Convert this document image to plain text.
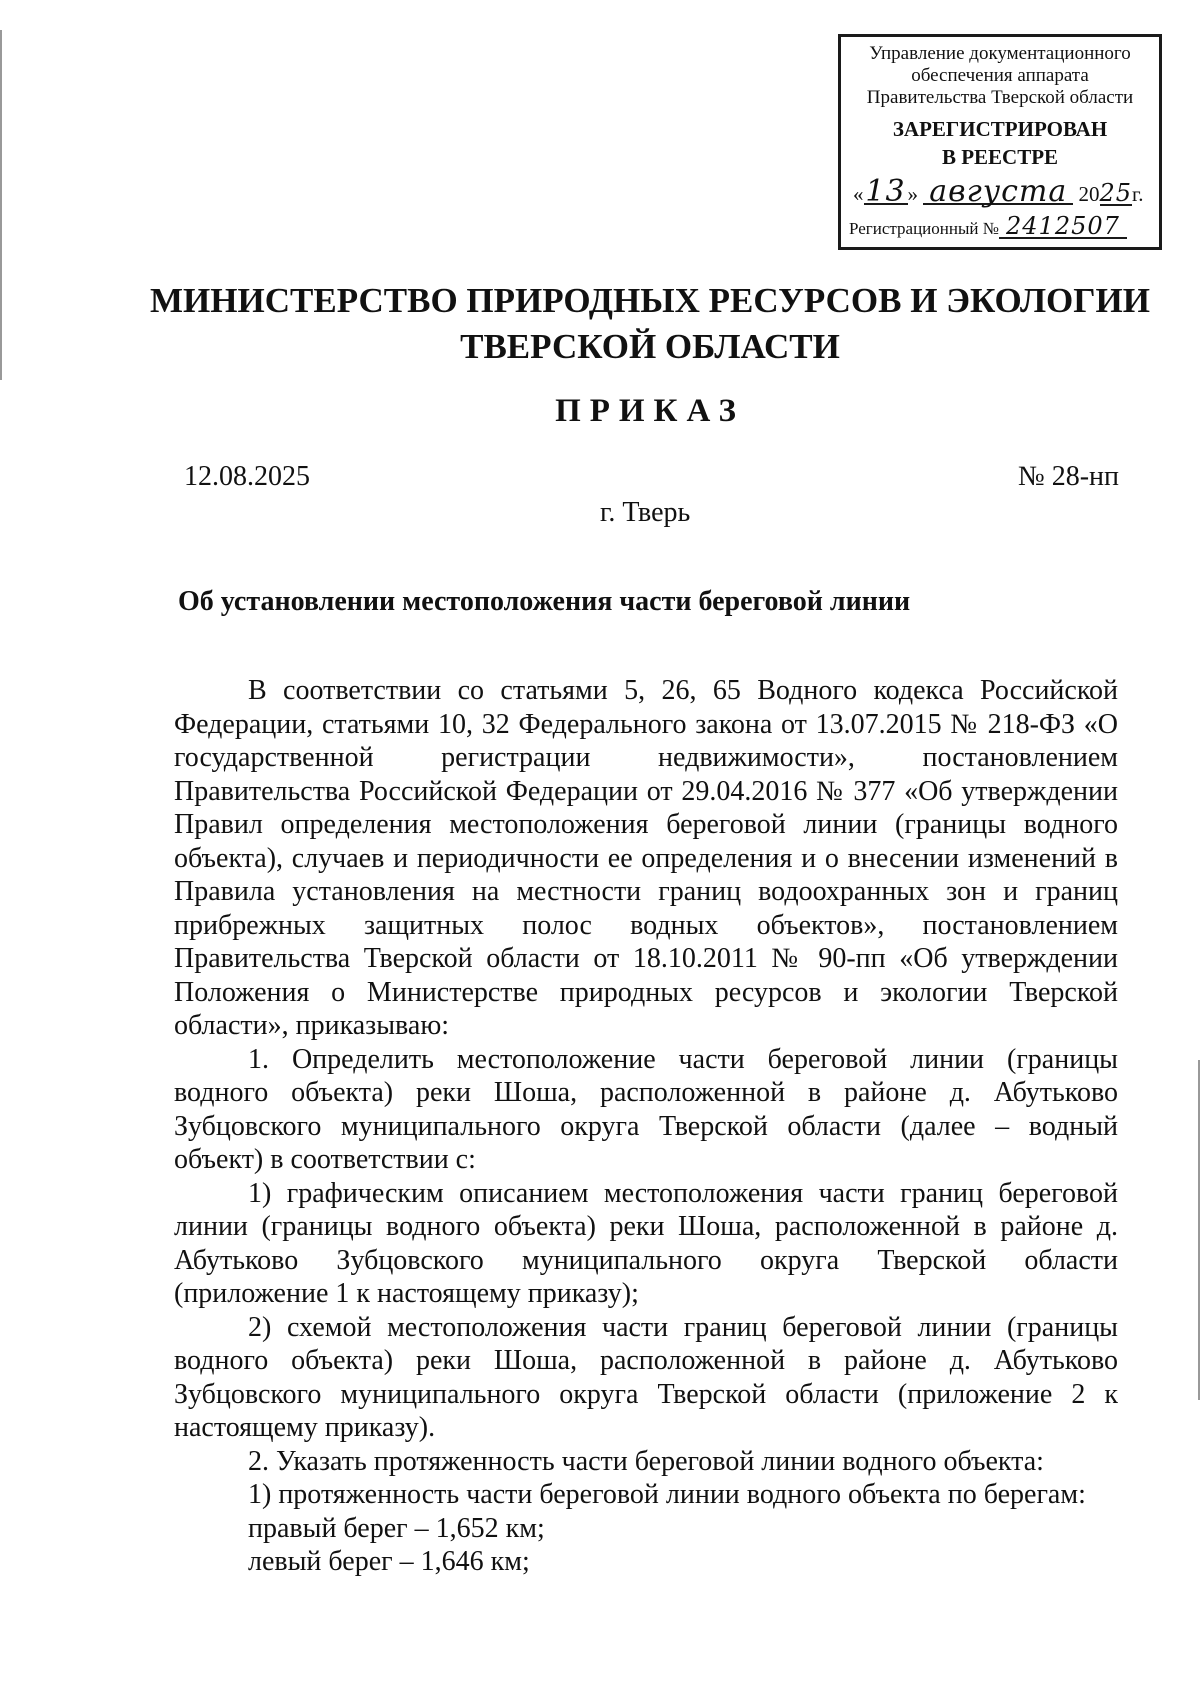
Управление документационного
обеспечения аппарата
Правительства Тверской области
ЗАРЕГИСТРИРОВАН
В РЕЕСТРЕ
«13» августа 2025г.
Регистрационный № 2412507
МИНИСТЕРСТВО ПРИРОДНЫХ РЕСУРСОВ И ЭКОЛОГИИ
ТВЕРСКОЙ ОБЛАСТИ
ПРИКАЗ
12.08.2025	№ 28-нп
г. Тверь
Об установлении местоположения части береговой линии

В соответствии со статьями 5, 26, 65 Водного кодекса Российской Федерации, статьями 10, 32 Федерального закона от 13.07.2015 № 218-ФЗ «О государственной регистрации недвижимости», постановлением Правительства Российской Федерации от 29.04.2016 № 377 «Об утверждении Правил определения местоположения береговой линии (границы водного объекта), случаев и периодичности ее определения и о внесении изменений в Правила установления на местности границ водоохранных зон и границ прибрежных защитных полос водных объектов», постановлением Правительства Тверской области от 18.10.2011 № 90-пп «Об утверждении Положения о Министерстве природных ресурсов и экологии Тверской области», приказываю:

1. Определить местоположение части береговой линии (границы водного объекта) реки Шоша, расположенной в районе д. Абутьково Зубцовского муниципального округа Тверской области (далее – водный объект) в соответствии с:

1) графическим описанием местоположения части границ береговой линии (границы водного объекта) реки Шоша, расположенной в районе д. Абутьково Зубцовского муниципального округа Тверской области (приложение 1 к настоящему приказу);

2) схемой местоположения части границ береговой линии (границы водного объекта) реки Шоша, расположенной в районе д. Абутьково Зубцовского муниципального округа Тверской области (приложение 2 к настоящему приказу).

2. Указать протяженность части береговой линии водного объекта:

1) протяженность части береговой линии водного объекта по берегам:

правый берег – 1,652 км;

левый берег – 1,646 км;
